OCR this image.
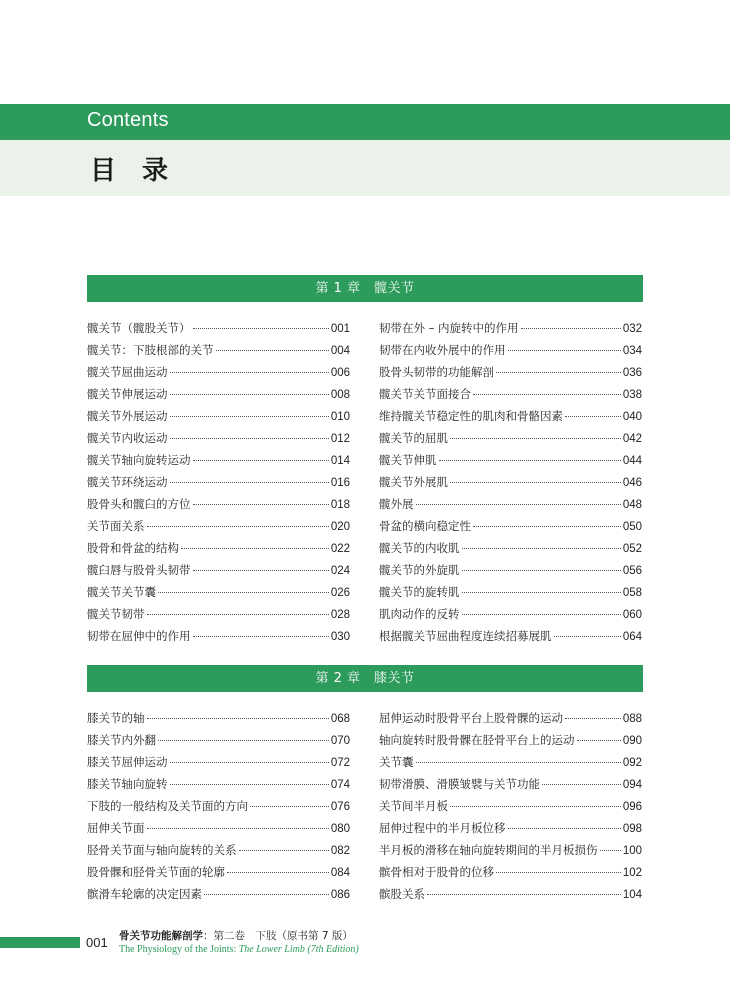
Contents
目录
第 1 章　髋关节
髋关节（髋股关节）	001
髋关节：下肢根部的关节	004
髋关节屈曲运动	006
髋关节伸展运动	008
髋关节外展运动	010
髋关节内收运动	012
髋关节轴向旋转运动	014
髋关节环绕运动	016
股骨头和髋臼的方位	018
关节面关系	020
股骨和骨盆的结构	022
髋臼唇与股骨头韧带	024
髋关节关节囊	026
髋关节韧带	028
韧带在屈伸中的作用	030
韧带在外 – 内旋转中的作用	032
韧带在内收外展中的作用	034
股骨头韧带的功能解剖	036
髋关节关节面接合	038
维持髋关节稳定性的肌肉和骨骼因素	040
髋关节的屈肌	042
髋关节伸肌	044
髋关节外展肌	046
髋外展	048
骨盆的横向稳定性	050
髋关节的内收肌	052
髋关节的外旋肌	056
髋关节的旋转肌	058
肌肉动作的反转	060
根据髋关节屈曲程度连续招募展肌	064
第 2 章　膝关节
膝关节的轴	068
膝关节内外翻	070
膝关节屈伸运动	072
膝关节轴向旋转	074
下肢的一般结构及关节面的方向	076
屈伸关节面	080
胫骨关节面与轴向旋转的关系	082
股骨髁和胫骨关节面的轮廓	084
髌滑车轮廓的决定因素	086
屈伸运动时股骨平台上股骨髁的运动	088
轴向旋转时股骨髁在胫骨平台上的运动	090
关节囊	092
韧带滑膜、滑膜皱襞与关节功能	094
关节间半月板	096
屈伸过程中的半月板位移	098
半月板的滑移在轴向旋转期间的半月板损伤 100
髌骨相对于股骨的位移	102
髌股关系	104
001 骨关节功能解剖学：第二卷　下肢（原书第 7 版）
The Physiology of the Joints: The Lower Limb (7th Edition)
